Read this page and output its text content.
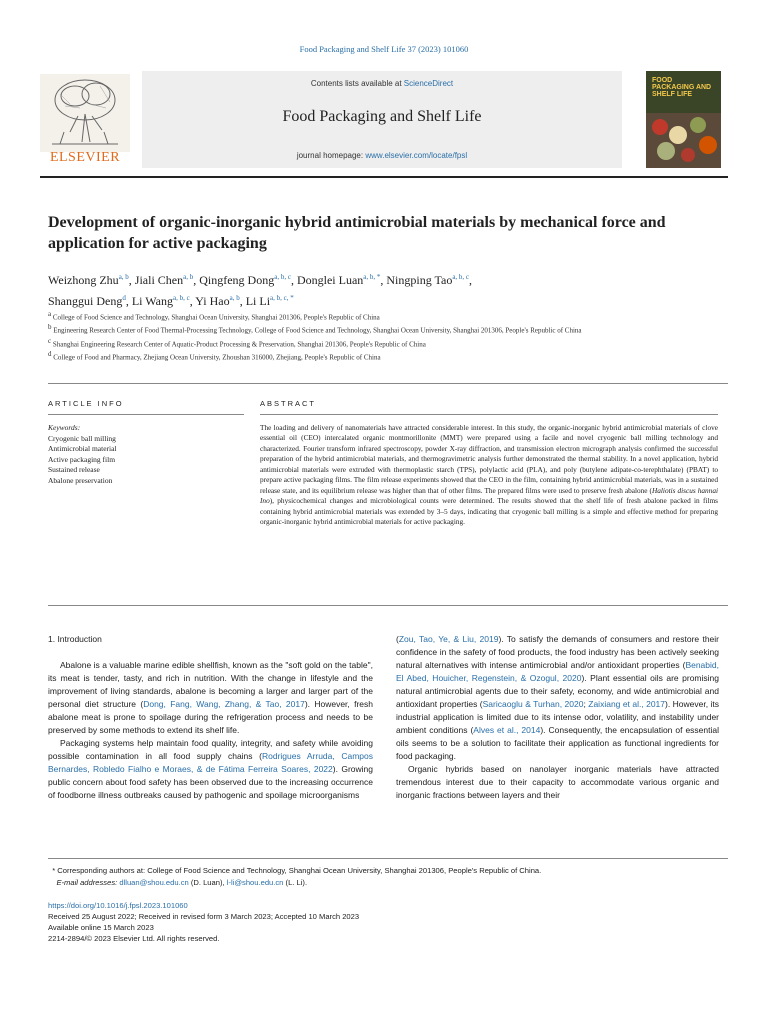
Food Packaging and Shelf Life 37 (2023) 101060
ELSEVIER
Contents lists available at ScienceDirect
Food Packaging and Shelf Life
journal homepage: www.elsevier.com/locate/fpsl
FOOD PACKAGING AND SHELF LIFE
Development of organic-inorganic hybrid antimicrobial materials by mechanical force and application for active packaging
Weizhong Zhu$^{a, b}$, Jiali Chen$^{a, b}$, Qingfeng Dong$^{a, b, c}$, Donglei Luan$^{a, b, *}$, Ningping Tao$^{a, b, c}$,
Shanggui Deng$^d$, Li Wang$^{a, b, c}$, Yi Hao$^{a, b}$, Li $Li^{a, b, c, *}$

$^a$ College of Food Science and Technology, Shanghai Ocean University, Shanghai 201306, People's Republic of China

$^b$ Engineering Research Center of Food Thermal-Processing Technology, College of Food Science and Technology, Shanghai Ocean University, Shanghai 201306, People's Republic of China

$^c$ Shanghai Engineering Research Center of Aquatic-Product Processing & Preservation, Shanghai 201306, People's Republic of China

$^d$ College of Food and Pharmacy, Zhejiang Ocean University, Zhoushan 316000, Zhejiang, People's Republic of China

ARTICLE INFO	ABSTRACT
Keywords:
Cryogenic ball milling
Antimicrobial material
Active packaging film
Sustained release
Abalone preservation
The loading and delivery of nanomaterials have attracted considerable interest. In this study, the organic-inorganic hybrid antimicrobial materials of clove essential oil (CEO) intercalated organic montmorillonite (MMT) were prepared using a facile and novel cryogenic ball milling technology and characterized. Fourier transform infrared spectroscopy, powder X-ray diffraction, and transmission electron micrograph analysis confirmed the successful preparation of the hybrid antimicrobial materials, and thermogravimetric analysis further demonstrated the thermal stability. In a novel application, hybrid antimicrobial materials were extruded with thermoplastic starch (TPS), polylactic acid (PLA), and poly (butylene adipate-co-terephthalate) (PBAT) to prepare active packaging films. The film release experiments showed that the CEO in the film, containing hybrid antimicrobial materials, was in a sustained release state, and its equilibrium release was higher than that of other films. The prepared films were used to preserve fresh abalone (Haliotis discus hannai Ino), physicochemical changes and microbiological counts were determined. The results showed that the shelf life of fresh abalone packed in films containing hybrid antimicrobial materials was extended by 3–5 days, indicating that cryogenic ball milling is a simple and effective method for preparing organic-inorganic hybrid antimicrobial materials for active packaging.

1. Introduction

Abalone is a valuable marine edible shellfish, known as the "soft gold on the table", its meat is tender, tasty, and rich in nutrition. With the change in lifestyle and the improvement of living standards, abalone is becoming a larger and larger part of the personal diet structure (Dong, Fang, Wang, Zhang, & Tao, 2017). However, fresh abalone meat is prone to spoilage during the refrigeration process and needs to be preserved by some methods to extend its shelf life.

Packaging systems help maintain food quality, integrity, and safety while avoiding possible contamination in all food supply chains (Rodrigues Arruda, Campos Bernardes, Robledo Fialho e Moraes, & de Fátima Ferreira Soares, 2022). Growing public concern about food safety has been observed due to the increasing occurrence of foodborne illness outbreaks caused by pathogenic and spoilage microorganisms

(Zou, Tao, Ye, & Liu, 2019). To satisfy the demands of consumers and restore their confidence in the safety of food products, the food industry has been actively seeking natural alternatives with intense antimicrobial and/or antioxidant properties (Benabid, El Abed, Houicher, Regenstein, & Ozogul, 2020). Plant essential oils are promising natural antimicrobial agents due to their safety, economy, and wide antimicrobial and antioxidant properties (Saricaoglu & Turhan, 2020; Zaixiang et al., 2017). However, its industrial application is limited due to its intense odor, volatility, and instability under ambient conditions (Alves et al., 2014). Consequently, the encapsulation of essential oils seems to be a solution to facilitate their application as functional ingredients for food packaging.

Organic hybrids based on nanolayer inorganic materials have attracted tremendous interest due to their capacity to accommodate various organic and inorganic fractions between layers and their

* Corresponding authors at: College of Food Science and Technology, Shanghai Ocean University, Shanghai 201306, People's Republic of China.

E-mail addresses: dlluan@shou.edu.cn (D. Luan), l-li@shou.edu.cn (L. Li).

https://doi.org/10.1016/j.fpsl.2023.101060

Received 25 August 2022; Received in revised form 3 March 2023; Accepted 10 March 2023

Available online 15 March 2023

2214-2894/© 2023 Elsevier Ltd. All rights reserved.
